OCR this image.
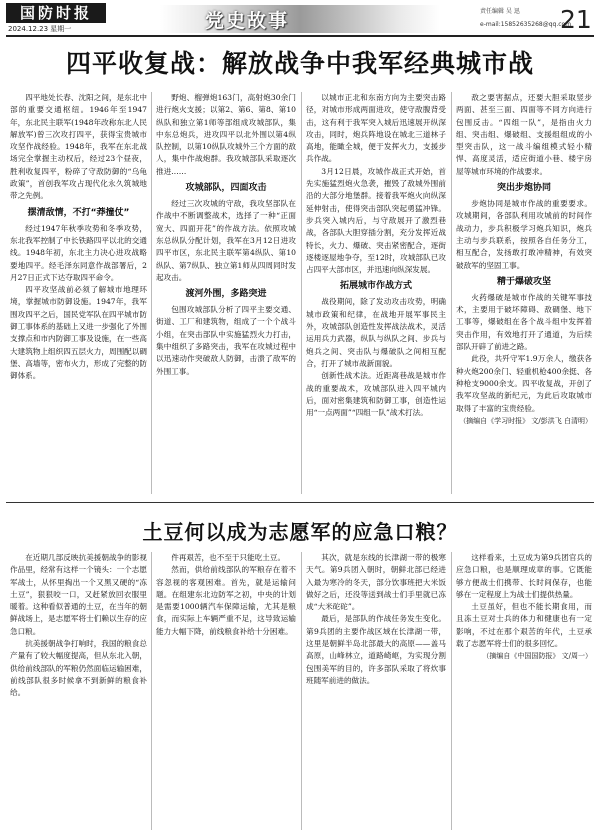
国防时报
2024.12.23 星期一	党史故事	责任编辑 吴 迅
e-mail:15852635268@qq.com
21
四平收复战：解放战争中我军经典城市战

四平地处长春、沈阳之间，是东北中部的重要交通枢纽。1946年至1947年，东北民主联军(1948年改称东北人民解放军)曾三次攻打四平，获得宝贵城市攻坚作战经验。1948年，我军在东北战场完全掌握主动权后，经过23个昼夜，胜利收复四平，粉碎了守敌防御的“乌龟政策”，首创我军攻占现代化永久筑城地带之先例。

摆清敌情，不打“莽撞仗”

经过1947年秋季攻势和冬季攻势，东北我军控制了中长铁路四平以北的交通线。1948年初，东北主力决心进攻战略要地四平。经毛泽东同意作战部署后，2月27日正式下达夺取四平命令。

四平攻坚战前必须了解城市地理环境，掌握城市防御设施。1947年，我军围攻四平之后，国民党军队在四平城市防御工事体系的基础上又进一步强化了外围支撑点和市内防御工事及设施，在一些高大建筑物上组织四五层火力，周围配以碉堡、高墙等，密布火力，形成了完整的防御体系。

野炮、榴弹炮163门，高射炮30余门进行炮火支援；以第2、第6、第8、第10纵队和独立第1师等部组成攻城部队，集中东总炮兵，进攻四平以北外围以第4纵队控制，以第10纵队攻城外三个方面的敌人，集中作战炮群。我攻城部队采取逐次推进……

攻城部队，四面攻击

经过三次攻城的守敌，我攻坚部队在作战中不断调整战术，选择了一种“正面宽大、四面开花”的作战方法。依照攻城东总纵队分配计划，我军在3月12日进攻四平市区，东北民主联军第4纵队、第10纵队、第7纵队、独立第1师从四周同时发起攻击。

渡河外围，多路突进

包围攻城部队分析了四平主要交通、街道、工厂和建筑物，组成了一个个战斗小组，在突击部队中实施猛烈火力打击，集中组织了多路突击，我军在攻城过程中以迅速动作突破敌人防御，击溃了敌军的外围工事。

以城市正北和东南方向为主要突击路径，对城市形成两面进攻，使守敌腹背受击，这有利于我军突入城后迅速展开纵深攻击，同时，炮兵阵地设在城北三道林子高地，能瞰全城，便于发挥火力，支援步兵作战。

3月12日晨，攻城作战正式开始，首先实施猛烈炮火急袭，摧毁了敌城外围前沿的大部分地堡群。接着我军炮火向纵深延伸射击，使得突击部队突起勇猛冲锋。步兵突入城内后，与守敌展开了激烈巷战，各部队大胆穿插分割，充分发挥近战特长，火力、爆破、突击紧密配合，逐街逐楼逐屋地争夺，至12时，攻城部队已攻占四平大部市区，并迅速向纵深发展。

拓展城市作战方式

战役期间，除了发动攻击攻势，明确城市政策和纪律，在战地开展军事民主外，攻城部队创造性发挥战法战术，灵活运用兵力武器，纵队与纵队之间、步兵与炮兵之间、突击队与爆破队之间相互配合，打开了城市战新面貌。

创新性战术法。近距离巷战是城市作战的重要战术，攻城部队进入四平城内后，面对密集建筑和防御工事，创造性运用“一点两面”“四组一队”战术打法。

敌之要害据点，还要大胆采取竖步两面、甚至三面、四面等不同方向进行包围反击。“四组一队”，是指由火力组、突击组、爆破组、支援组组成的小型突击队，这一战斗编组模式轻小精悍、高度灵活，适应街道小巷、楼宇房屋等城市环境的作战要求。

突出步炮协同

步炮协同是城市作战的重要要求。攻城期间，各部队利用攻城前的时间作战动力，步兵积极学习炮兵知识，炮兵主动与步兵联系，按照各自任务分工，相互配合，发扬敢打敢冲精神，有效突破敌军的坚固工事。

精于爆破攻坚

火药爆破是城市作战的关键军事技术，主要用于破坏障碍、敌碉堡、地下工事等，爆破组在各个战斗组中发挥着突击作用，有效地打开了通道，为后续部队开辟了前进之路。

此役，共歼守军1.9万余人，缴获各种火炮200余门、轻重机枪400余挺、各种枪支9000余支。四平收复战，开创了我军攻坚战的新纪元，为此后攻取城市取得了丰富的宝贵经验。

（摘编自《学习时报》 文/彭洪飞 白清明）
土豆何以成为志愿军的应急口粮？

在近期几部反映抗美援朝战争的影视作品里，经常有这样一个镜头：一个志愿军战士，从怀里掏出一个又黑又硬的“冻土豆”，狠狠咬一口，又赶紧放回衣服里暖着。这种看似普通的土豆，在当年的朝鲜战场上，是志愿军将士们赖以生存的应急口粮。

抗美援朝战争打响时，我国的粮食总产量有了较大幅度提高，但从东北入朝，供给前线部队的军粮仍然面临运输困难，前线部队很多时候拿不到新鲜的粮食补给。

件再艰苦，也不至于只能吃土豆。

然而，供给前线部队的军粮存在着不容忽视的客观困难。首先，就是运输问题。在组建东北边防军之初，中央的计划是需要1000辆汽车保障运输，尤其是粮食，而实际上车辆严重不足，这导致运输能力大幅下降，前线粮食补给十分困难。

其次，就是东线的长津湖一带的极寒天气。第9兵团入朝时，朝鲜北部已经进入最为寒冷的冬天，部分饮事班把大米饭做好之后，还没等送到战士们手里就已冻成“大米砣砣”。

最后，是部队的作战任务发生变化。第9兵团的主要作战区域在长津湖一带，这里是朝鲜半岛北部最大的高原——盖马高原，山峰林立，道路崎岖，为实现分割包围美军的目的，许多部队采取了将炊事班随军前进的做法。

这样看来，土豆成为第9兵团官兵的应急口粮，也是顺理成章的事。它既能够方便战士们携带、长时间保存，也能够在一定程度上为战士们提供热量。

土豆虽好，但也不能长期食用，而且冻土豆对士兵的体力和健康也有一定影响，不过在那个艰苦的年代，土豆承载了志愿军将士们的很多回忆。

（摘编自《中国国防报》 文/周一）
